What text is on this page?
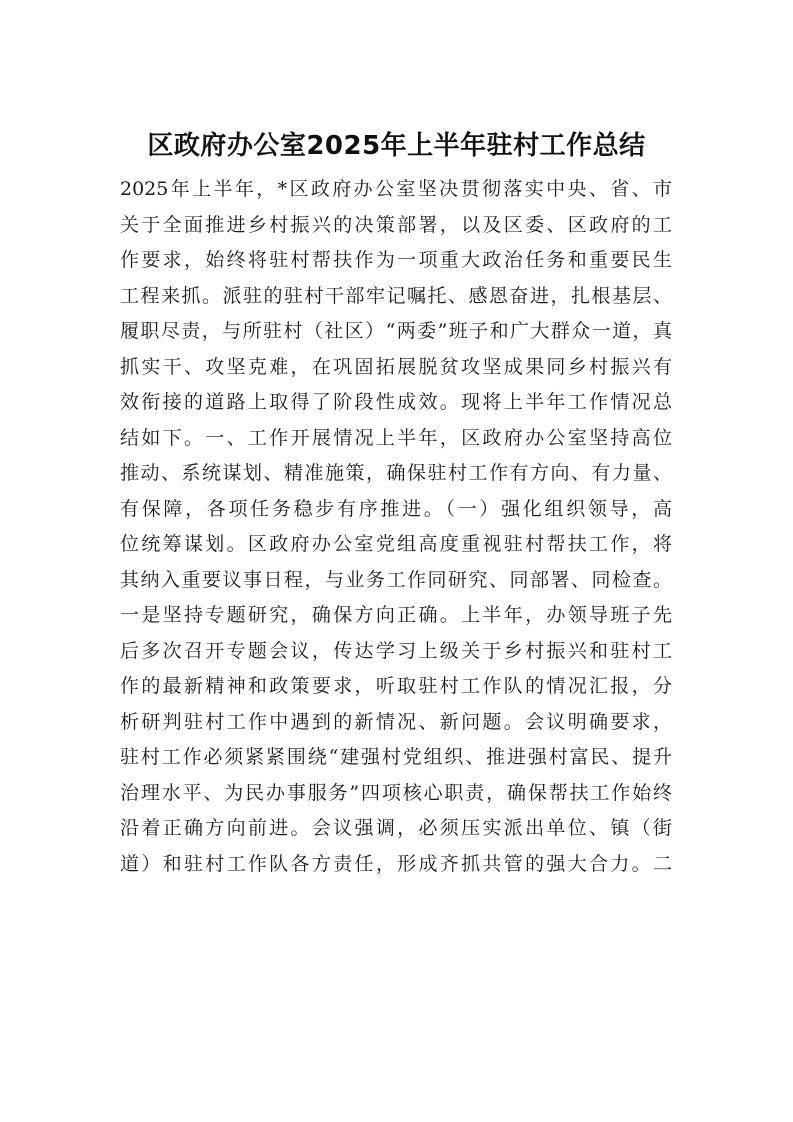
区政府办公室2025年上半年驻村工作总结
2025年上半年，*区政府办公室坚决贯彻落实中央、省、市
关于全面推进乡村振兴的决策部署，以及区委、区政府的工
作要求，始终将驻村帮扶作为一项重大政治任务和重要民生
工程来抓。派驻的驻村干部牢记嘱托、感恩奋进，扎根基层、
履职尽责，与所驻村（社区）“两委”班子和广大群众一道，真
抓实干、攻坚克难，在巩固拓展脱贫攻坚成果同乡村振兴有
效衔接的道路上取得了阶段性成效。现将上半年工作情况总
结如下。一、工作开展情况上半年，区政府办公室坚持高位
推动、系统谋划、精准施策，确保驻村工作有方向、有力量、
有保障，各项任务稳步有序推进。（一）强化组织领导，高
位统筹谋划。区政府办公室党组高度重视驻村帮扶工作，将
其纳入重要议事日程，与业务工作同研究、同部署、同检查。
一是坚持专题研究，确保方向正确。上半年，办领导班子先
后多次召开专题会议，传达学习上级关于乡村振兴和驻村工
作的最新精神和政策要求，听取驻村工作队的情况汇报，分
析研判驻村工作中遇到的新情况、新问题。会议明确要求，
驻村工作必须紧紧围绕“建强村党组织、推进强村富民、提升
治理水平、为民办事服务”四项核心职责，确保帮扶工作始终
沿着正确方向前进。会议强调，必须压实派出单位、镇（街
道）和驻村工作队各方责任，形成齐抓共管的强大合力。二
